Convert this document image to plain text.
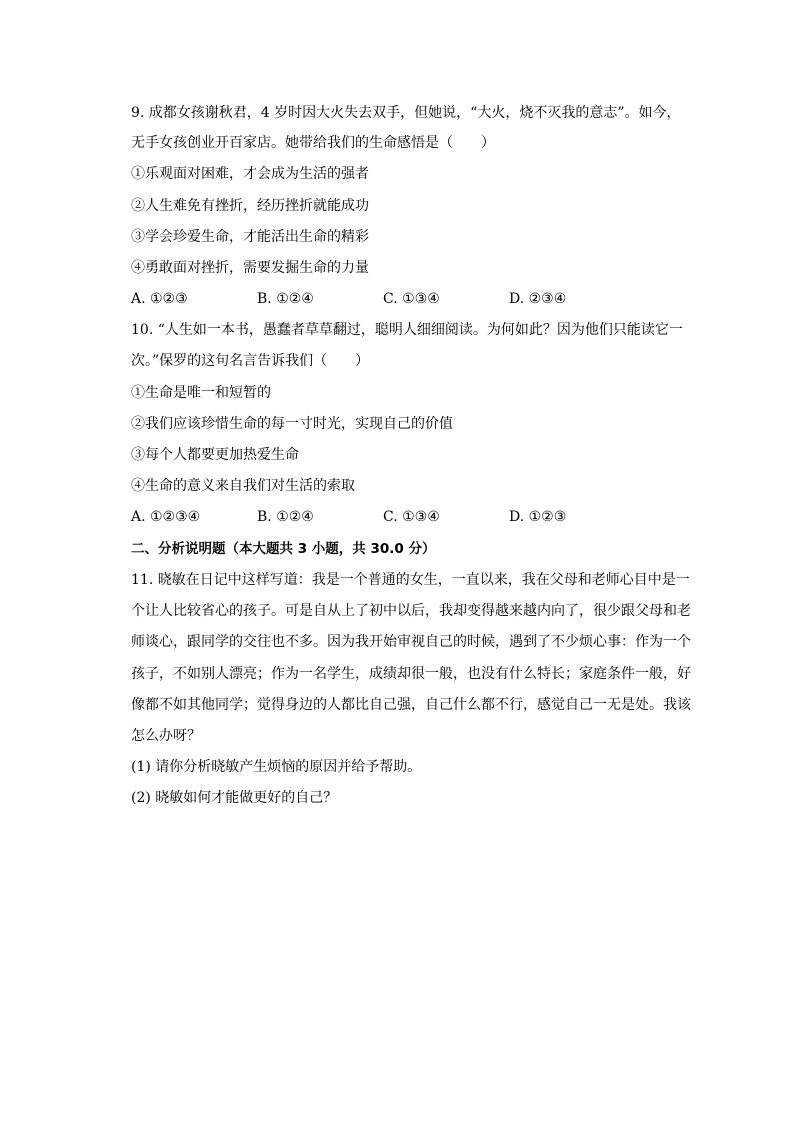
9. 成都女孩谢秋君，4 岁时因大火失去双手，但她说，“大火，烧不灭我的意志”。如今，
无手女孩创业开百家店。她带给我们的生命感悟是（　　）
①乐观面对困难，才会成为生活的强者
②人生难免有挫折，经历挫折就能成功
③学会珍爱生命，才能活出生命的精彩
④勇敢面对挫折，需要发掘生命的力量
A. ①②③	B. ①②④	C. ①③④	D. ②③④
10. “人生如一本书，愚蠢者草草翻过，聪明人细细阅读。为何如此？因为他们只能读它一
次。”保罗的这句名言告诉我们（　　）
①生命是唯一和短暂的
②我们应该珍惜生命的每一寸时光，实现自己的价值
③每个人都要更加热爱生命
④生命的意义来自我们对生活的索取
A. ①②③④	B. ①②④	C. ①③④	D. ①②③
二、分析说明题（本大题共 3 小题，共 30.0 分）
11. 晓敏在日记中这样写道：我是一个普通的女生，一直以来，我在父母和老师心目中是一
个让人比较省心的孩子。可是自从上了初中以后，我却变得越来越内向了，很少跟父母和老
师谈心，跟同学的交往也不多。因为我开始审视自己的时候，遇到了不少烦心事：作为一个
孩子，不如别人漂亮；作为一名学生，成绩却很一般，也没有什么特长；家庭条件一般，好
像都不如其他同学；觉得身边的人都比自己强，自己什么都不行，感觉自己一无是处。我该
怎么办呀？
(1) 请你分析晓敏产生烦恼的原因并给予帮助。
(2) 晓敏如何才能做更好的自己？
